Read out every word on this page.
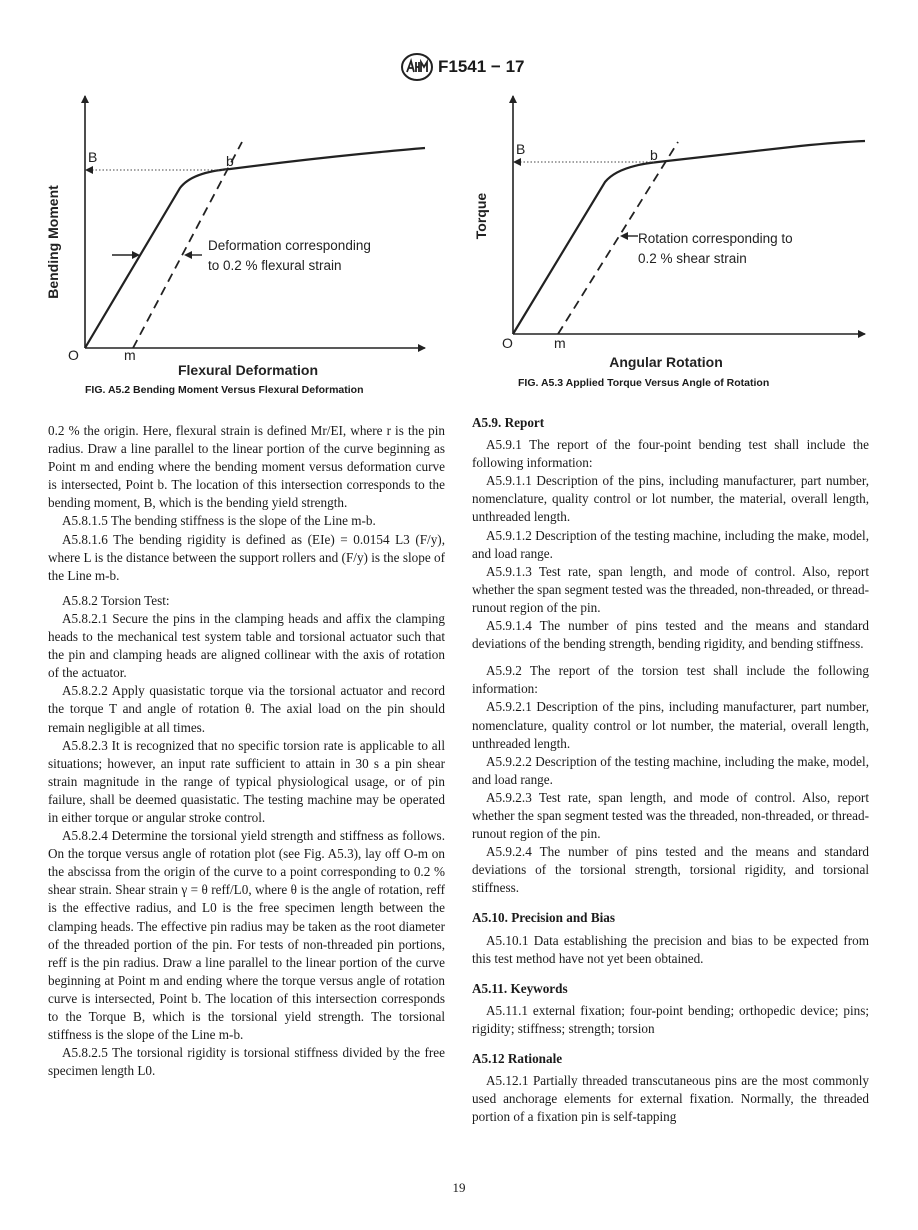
F1541 − 17
Bending Moment
Flexural Deformation
B	b
O	m
Deformation corresponding
to 0.2 % flexural strain
FIG. A5.2 Bending Moment Versus Flexural Deformation
Torque
Angular Rotation
B	b
O	m
Rotation corresponding to
0.2 % shear strain
FIG. A5.3 Applied Torque Versus Angle of Rotation

0.2 % the origin. Here, flexural strain is defined Mr/EI, where r is the pin radius. Draw a line parallel to the linear portion of the curve beginning as Point m and ending where the bending moment versus deformation curve is intersected, Point b. The location of this intersection corresponds to the bending moment, B, which is the bending yield strength.

A5.8.1.5 The bending stiffness is the slope of the Line m-b.

A5.8.1.6 The bending rigidity is defined as (EIe) = 0.0154 L3 (F/y), where L is the distance between the support rollers and (F/y) is the slope of the Line m-b.

A5.8.2 Torsion Test:

A5.8.2.1 Secure the pins in the clamping heads and affix the clamping heads to the mechanical test system table and torsional actuator such that the pin and clamping heads are aligned collinear with the axis of rotation of the actuator.

A5.8.2.2 Apply quasistatic torque via the torsional actuator and record the torque T and angle of rotation θ. The axial load on the pin should remain negligible at all times.

A5.8.2.3 It is recognized that no specific torsion rate is applicable to all situations; however, an input rate sufficient to attain in 30 s a pin shear strain magnitude in the range of typical physiological usage, or of pin failure, shall be deemed quasistatic. The testing machine may be operated in either torque or angular stroke control.

A5.8.2.4 Determine the torsional yield strength and stiffness as follows. On the torque versus angle of rotation plot (see Fig. A5.3), lay off O-m on the abscissa from the origin of the curve to a point corresponding to 0.2 % shear strain. Shear strain γ = θ reff/L0, where θ is the angle of rotation, reff is the effective radius, and L0 is the free specimen length between the clamping heads. The effective pin radius may be taken as the root diameter of the threaded portion of the pin. For tests of non-threaded pin portions, reff is the pin radius. Draw a line parallel to the linear portion of the curve beginning at Point m and ending where the torque versus angle of rotation curve is intersected, Point b. The location of this intersection corresponds to the Torque B, which is the torsional yield strength. The torsional stiffness is the slope of the Line m-b.

A5.8.2.5 The torsional rigidity is torsional stiffness divided by the free specimen length L0.

A5.9. Report

A5.9.1 The report of the four-point bending test shall include the following information:

A5.9.1.1 Description of the pins, including manufacturer, part number, nomenclature, quality control or lot number, the material, overall length, unthreaded length.

A5.9.1.2 Description of the testing machine, including the make, model, and load range.

A5.9.1.3 Test rate, span length, and mode of control. Also, report whether the span segment tested was the threaded, non-threaded, or thread-runout region of the pin.

A5.9.1.4 The number of pins tested and the means and standard deviations of the bending strength, bending rigidity, and bending stiffness.

A5.9.2 The report of the torsion test shall include the following information:

A5.9.2.1 Description of the pins, including manufacturer, part number, nomenclature, quality control or lot number, the material, overall length, unthreaded length.

A5.9.2.2 Description of the testing machine, including the make, model, and load range.

A5.9.2.3 Test rate, span length, and mode of control. Also, report whether the span segment tested was the threaded, non-threaded, or thread-runout region of the pin.

A5.9.2.4 The number of pins tested and the means and standard deviations of the torsional strength, torsional rigidity, and torsional stiffness.

A5.10. Precision and Bias

A5.10.1 Data establishing the precision and bias to be expected from this test method have not yet been obtained.

A5.11. Keywords

A5.11.1 external fixation; four-point bending; orthopedic device; pins; rigidity; stiffness; strength; torsion

A5.12 Rationale

A5.12.1 Partially threaded transcutaneous pins are the most commonly used anchorage elements for external fixation. Normally, the threaded portion of a fixation pin is self-tapping

19
